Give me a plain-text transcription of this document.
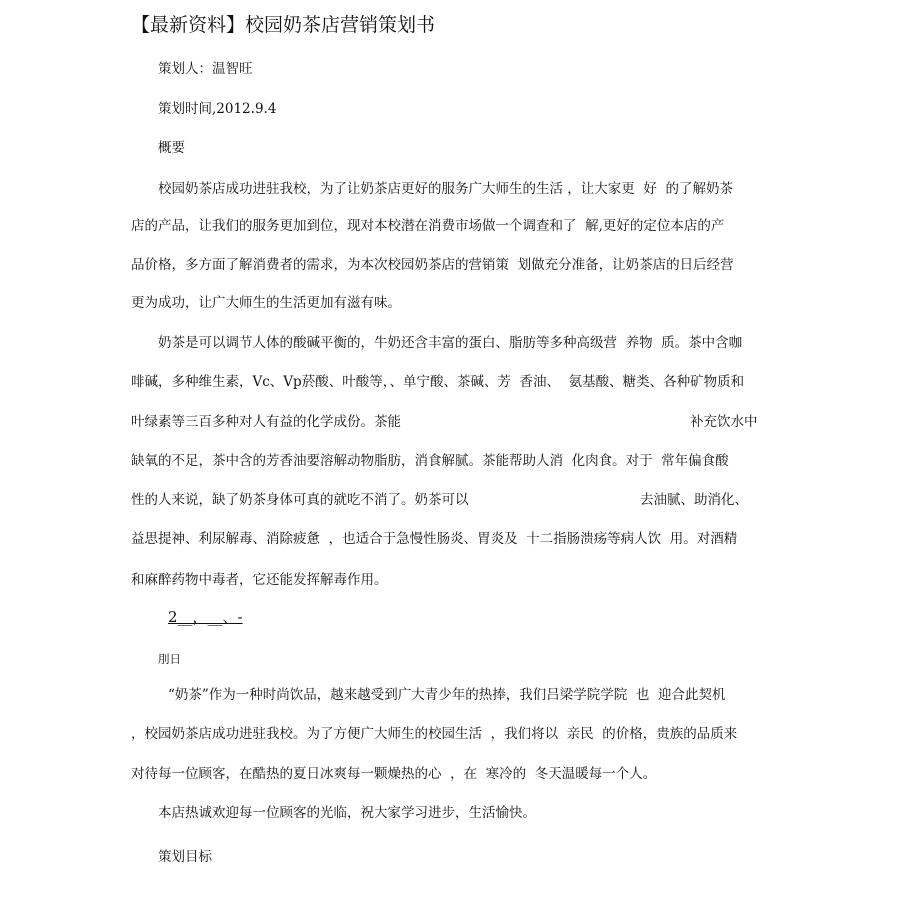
【最新资料】校园奶茶店营销策划书
策划人：温智旺
策划时间,2012.9.4
概要
校园奶茶店成功进驻我校，为了让奶茶店更好的服务广大师生的生活 ，让大家更  好  的了解奶茶
店的产品，让我们的服务更加到位，现对本校潜在消费市场做一个调查和了  解,更好的定位本店的产
品价格，多方面了解消费者的需求，为本次校园奶茶店的营销策  划做充分准备，让奶茶店的日后经营
更为成功，让广大师生的生活更加有滋有味。
奶茶是可以调节人体的酸碱平衡的，牛奶还含丰富的蛋白、脂肪等多种高级营  养物  质。茶中含咖
啡碱，多种维生素，Vc、Vp菸酸、叶酸等，、单宁酸、茶碱、芳  香油、  氨基酸、糖类、各种矿物质和
叶绿素等三百多种对人有益的化学成份。茶能	补充饮水中
缺氧的不足，茶中含的芳香油要溶解动物脂肪，消食解腻。茶能帮助人消  化肉食。对于  常年偏食酸
性的人来说，缺了奶茶身体可真的就吃不消了。奶茶可以	去油腻、助消化、
益思提神、利尿解毒、消除疲惫  ，也适合于急慢性肠炎、胃炎及  十二指肠溃疡等病人饮  用。对酒精
和麻醉药物中毒者，它还能发挥解毒作用。
2__，__、-
刖日
“奶茶”作为一种时尚饮品，越来越受到广大青少年的热捧，我们吕梁学院学院  也  迎合此契机
，校园奶茶店成功进驻我校。为了方便广大师生的校园生活  ，我们将以  亲民  的价格，贵族的品质来
对待每一位顾客，在酷热的夏日冰爽每一颗燥热的心  ，在  寒冷的  冬天温暖每一个人。
本店热诚欢迎每一位顾客的光临，祝大家学习进步，生活愉快。
策划目标
